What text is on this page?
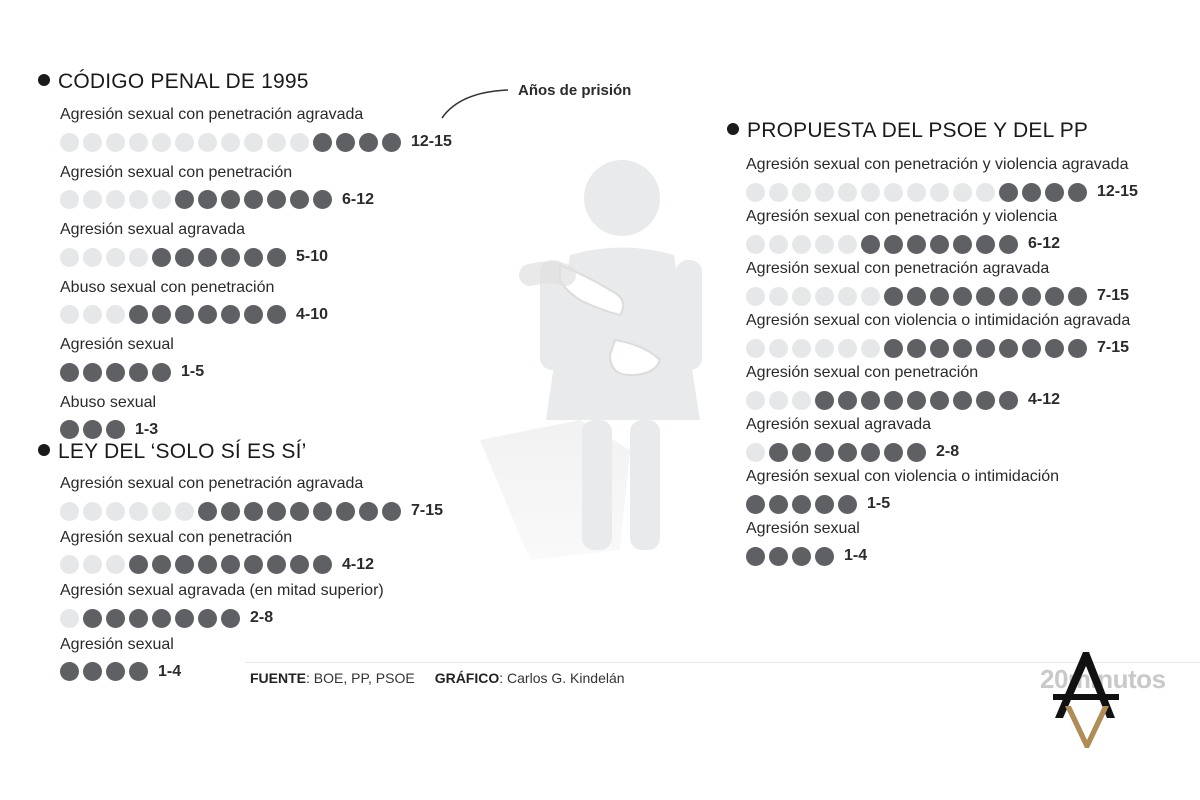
CÓDIGO PENAL DE 1995
Agresión sexual con penetración agravada
12-15
Agresión sexual con penetración
6-12
Agresión sexual agravada
5-10
Abuso sexual con penetración
4-10
Agresión sexual
1-5
Abuso sexual
1-3
LEY DEL ‘SOLO SÍ ES SÍ’
Agresión sexual con penetración agravada
7-15
Agresión sexual con penetración
4-12
Agresión sexual agravada (en mitad superior)
2-8
Agresión sexual
1-4
PROPUESTA DEL PSOE Y DEL PP
Agresión sexual con penetración y violencia agravada
12-15
Agresión sexual con penetración y violencia
6-12
Agresión sexual con penetración agravada
7-15
Agresión sexual con violencia o intimidación agravada
7-15
Agresión sexual con penetración
4-12
Agresión sexual agravada
2-8
Agresión sexual con violencia o intimidación
1-5
Agresión sexual
1-4
Años de prisión
FUENTE: BOE, PP, PSOE GRÁFICO: Carlos G. Kindelán	20minutos
